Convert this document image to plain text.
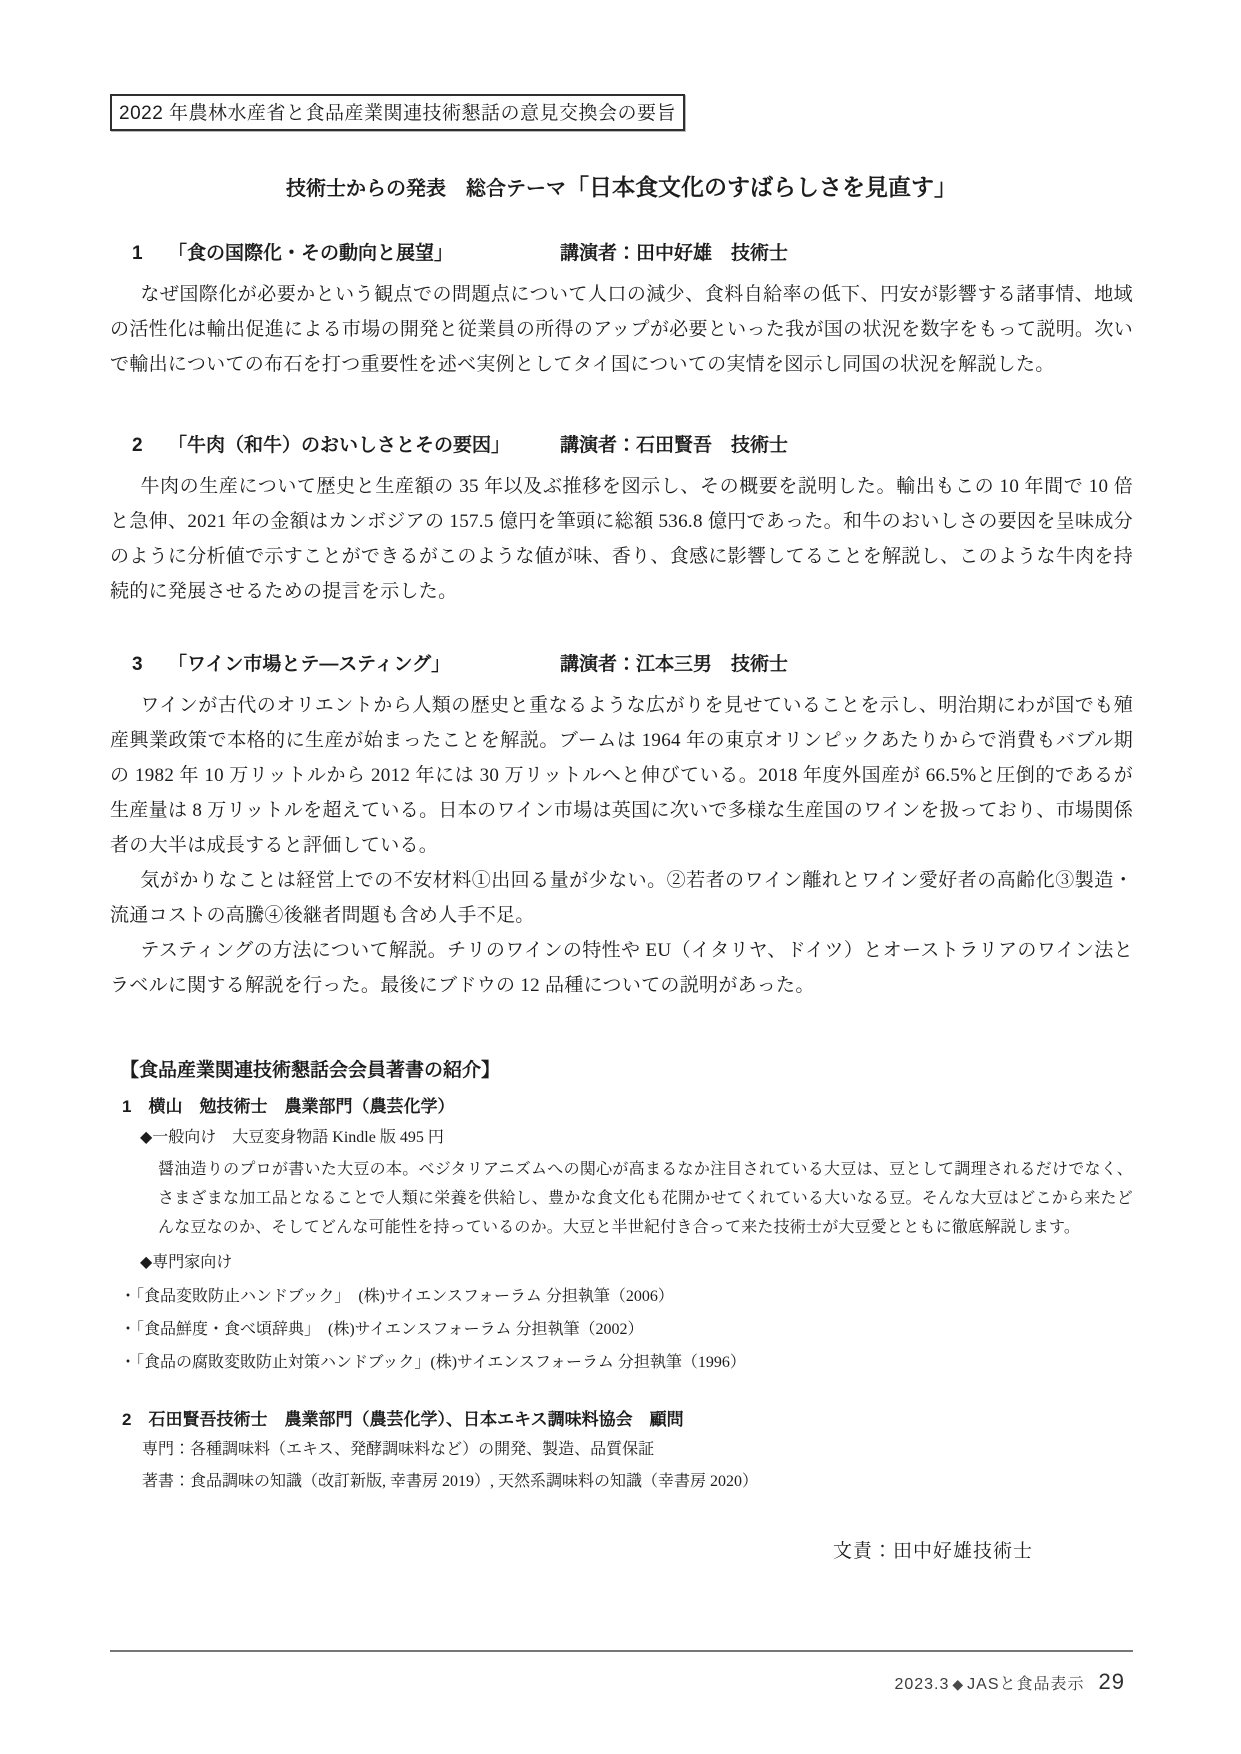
2022 年農林水産省と食品産業関連技術懇話の意見交換会の要旨
技術士からの発表　総合テーマ「日本食文化のすばらしさを見直す」
1	「食の国際化・その動向と展望」	講演者：田中好雄　技術士

なぜ国際化が必要かという観点での問題点について人口の減少、食料自給率の低下、円安が影響する諸事情、地域の活性化は輸出促進による市場の開発と従業員の所得のアップが必要といった我が国の状況を数字をもって説明。次いで輸出についての布石を打つ重要性を述べ実例としてタイ国についての実情を図示し同国の状況を解説した。

2	「牛肉（和牛）のおいしさとその要因」	講演者：石田賢吾　技術士

牛肉の生産について歴史と生産額の 35 年以及ぶ推移を図示し、その概要を説明した。輸出もこの 10 年間で 10 倍と急伸、2021 年の金額はカンボジアの 157.5 億円を筆頭に総額 536.8 億円であった。和牛のおいしさの要因を呈味成分のように分析値で示すことができるがこのような値が味、香り、食感に影響してることを解説し、このような牛肉を持続的に発展させるための提言を示した。

3	「ワイン市場とテ―スティング」	講演者：江本三男　技術士

ワインが古代のオリエントから人類の歴史と重なるような広がりを見せていることを示し、明治期にわが国でも殖産興業政策で本格的に生産が始まったことを解説。ブームは 1964 年の東京オリンピックあたりからで消費もバブル期の 1982 年 10 万リットルから 2012 年には 30 万リットルへと伸びている。2018 年度外国産が 66.5%と圧倒的であるが生産量は 8 万リットルを超えている。日本のワイン市場は英国に次いで多様な生産国のワインを扱っており、市場関係者の大半は成長すると評価している。

気がかりなことは経営上での不安材料①出回る量が少ない。②若者のワイン離れとワイン愛好者の高齢化③製造・流通コストの高騰④後継者問題も含め人手不足。

テスティングの方法について解説。チリのワインの特性や EU（イタリヤ、ドイツ）とオーストラリアのワイン法とラベルに関する解説を行った。最後にブドウの 12 品種についての説明があった。

【食品産業関連技術懇話会会員著書の紹介】
1　横山　勉技術士　農業部門（農芸化学）
◆一般向け　大豆変身物語 Kindle 版 495 円

醤油造りのプロが書いた大豆の本。ベジタリアニズムへの関心が高まるなか注目されている大豆は、豆として調理されるだけでなく、さまざまな加工品となることで人類に栄養を供給し、豊かな食文化も花開かせてくれている大いなる豆。そんな大豆はどこから来たどんな豆なのか、そしてどんな可能性を持っているのか。大豆と半世紀付き合って来た技術士が大豆愛とともに徹底解説します。

◆専門家向け
・「食品変敗防止ハンドブック」　(株)サイエンスフォーラム 分担執筆（2006）
・「食品鮮度・食べ頃辞典」　(株)サイエンスフォーラム 分担執筆（2002）
・「食品の腐敗変敗防止対策ハンドブック」(株)サイエンスフォーラム 分担執筆（1996）
2　石田賢吾技術士　農業部門（農芸化学）、日本エキス調味料協会　顧問
専門：各種調味料（エキス、発酵調味料など）の開発、製造、品質保証
著書：食品調味の知識（改訂新版, 幸書房 2019）, 天然系調味料の知識（幸書房 2020）
文責：田中好雄技術士
2023.3 ◆ JASと食品表示 29
